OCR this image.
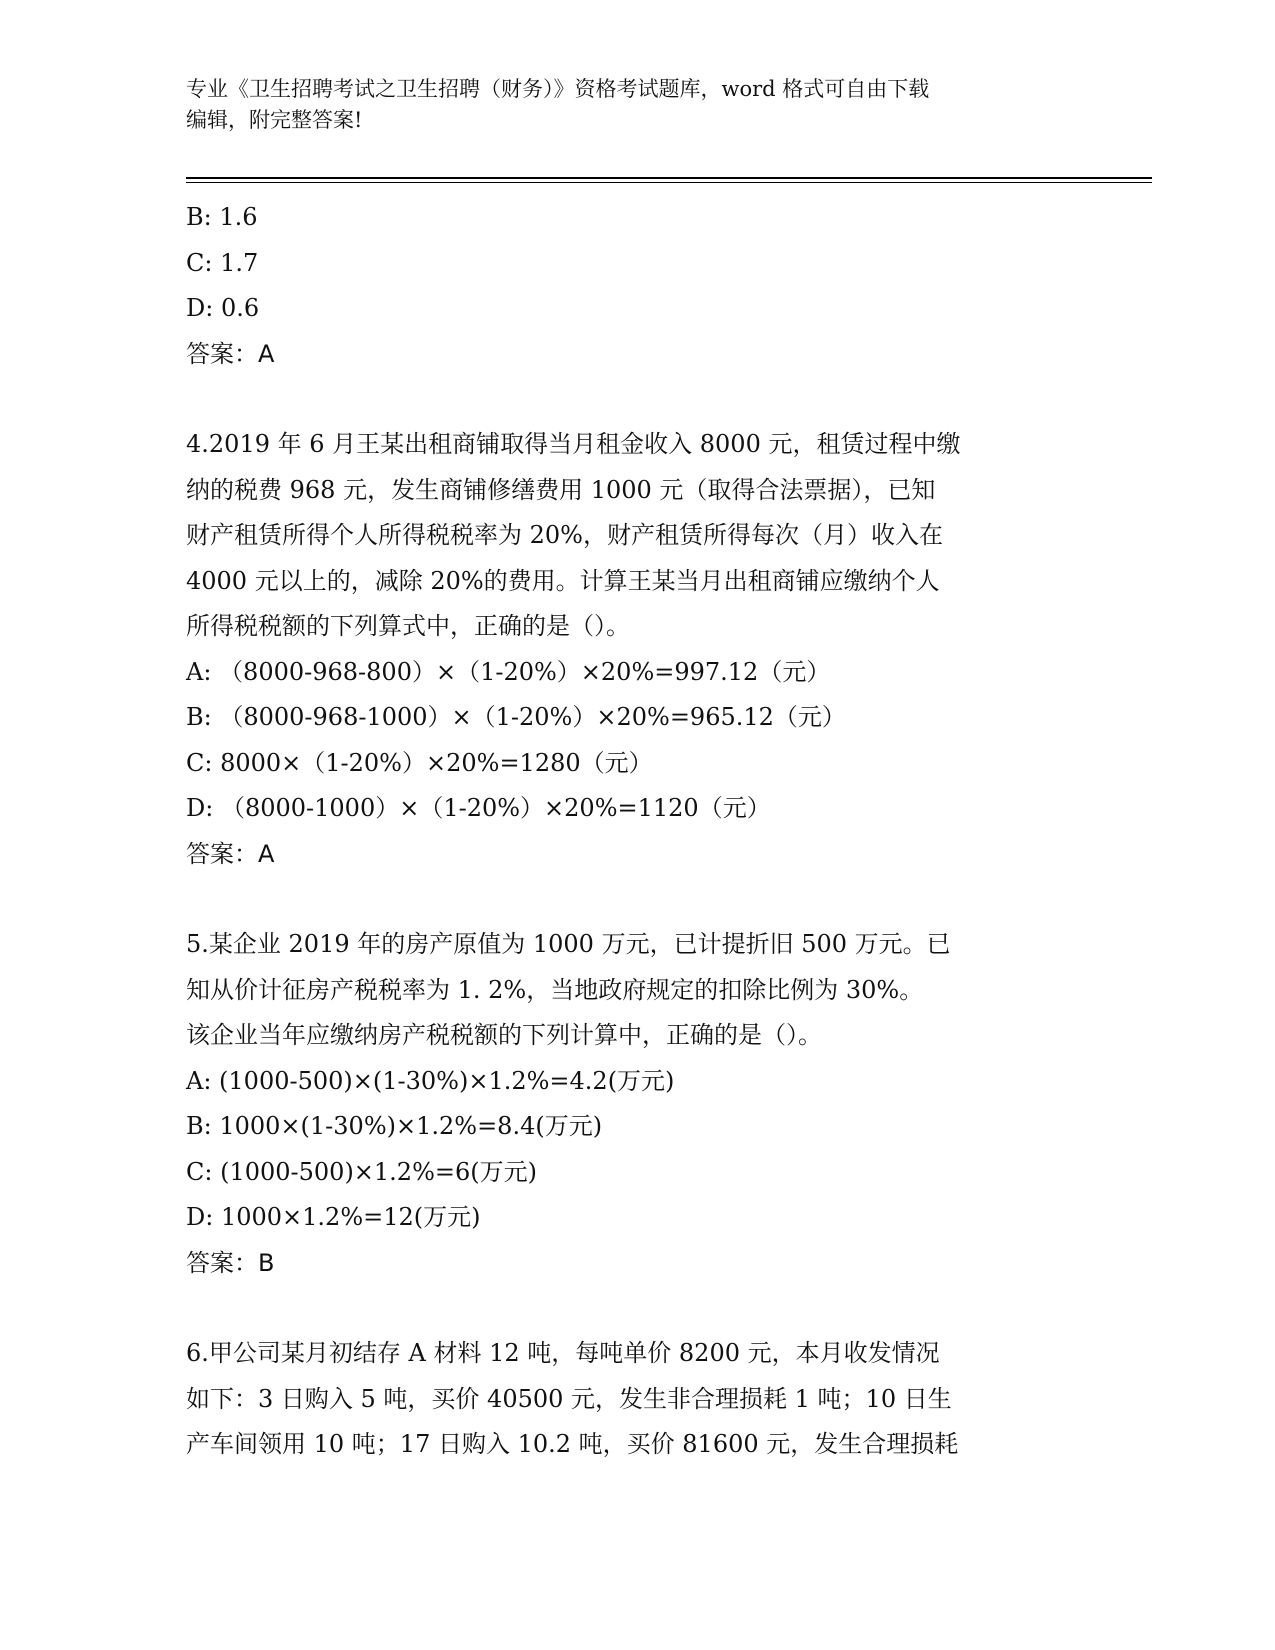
专业《卫生招聘考试之卫生招聘（财务）》资格考试题库，word 格式可自由下载
编辑，附完整答案!
B: 1.6
C: 1.7
D: 0.6
答案：A
4.2019 年 6 月王某出租商铺取得当月租金收入 8000 元，租赁过程中缴
纳的税费 968 元，发生商铺修缮费用 1000 元（取得合法票据），已知
财产租赁所得个人所得税税率为 20%，财产租赁所得每次（月）收入在
4000 元以上的，减除 20%的费用。计算王某当月出租商铺应缴纳个人
所得税税额的下列算式中，正确的是（）。
A: （8000-968-800）×（1-20%）×20%=997.12（元）
B: （8000-968-1000）×（1-20%）×20%=965.12（元）
C: 8000×（1-20%）×20%=1280（元）
D: （8000-1000）×（1-20%）×20%=1120（元）
答案：A
5.某企业 2019 年的房产原值为 1000 万元，已计提折旧 500 万元。已
知从价计征房产税税率为 1. 2%，当地政府规定的扣除比例为 30%。
该企业当年应缴纳房产税税额的下列计算中，正确的是（）。
A: (1000-500)×(1-30%)×1.2%=4.2(万元)
B: 1000×(1-30%)×1.2%=8.4(万元)
C: (1000-500)×1.2%=6(万元)
D: 1000×1.2%=12(万元)
答案：B
6.甲公司某月初结存 A 材料 12 吨，每吨单价 8200 元，本月收发情况
如下：3 日购入 5 吨，买价 40500 元，发生非合理损耗 1 吨；10 日生
产车间领用 10 吨；17 日购入 10.2 吨，买价 81600 元，发生合理损耗
